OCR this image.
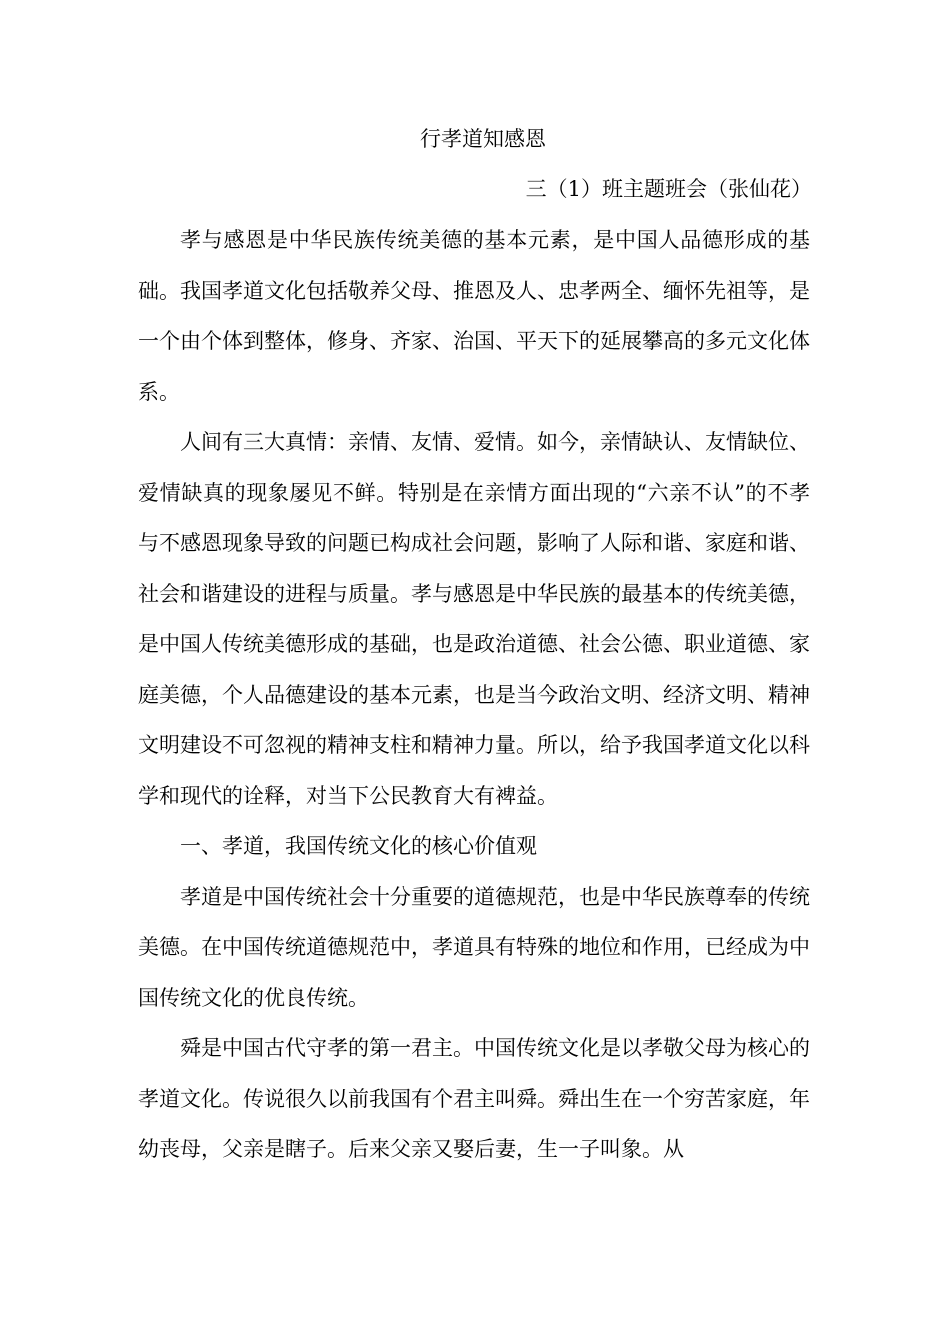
行孝道知感恩
三（1）班主题班会（张仙花）

孝与感恩是中华民族传统美德的基本元素，是中国人品德形成的基础。我国孝道文化包括敬养父母、推恩及人、忠孝两全、缅怀先祖等，是一个由个体到整体，修身、齐家、治国、平天下的延展攀高的多元文化体系。

人间有三大真情：亲情、友情、爱情。如今，亲情缺认、友情缺位、爱情缺真的现象屡见不鲜。特别是在亲情方面出现的“六亲不认”的不孝与不感恩现象导致的问题已构成社会问题，影响了人际和谐、家庭和谐、社会和谐建设的进程与质量。孝与感恩是中华民族的最基本的传统美德，是中国人传统美德形成的基础，也是政治道德、社会公德、职业道德、家庭美德，个人品德建设的基本元素，也是当今政治文明、经济文明、精神文明建设不可忽视的精神支柱和精神力量。所以，给予我国孝道文化以科学和现代的诠释，对当下公民教育大有裨益。

一、孝道，我国传统文化的核心价值观

孝道是中国传统社会十分重要的道德规范，也是中华民族尊奉的传统美德。在中国传统道德规范中，孝道具有特殊的地位和作用，已经成为中国传统文化的优良传统。

舜是中国古代守孝的第一君主。中国传统文化是以孝敬父母为核心的孝道文化。传说很久以前我国有个君主叫舜。舜出生在一个穷苦家庭，年幼丧母，父亲是瞎子。后来父亲又娶后妻，生一子叫象。从
